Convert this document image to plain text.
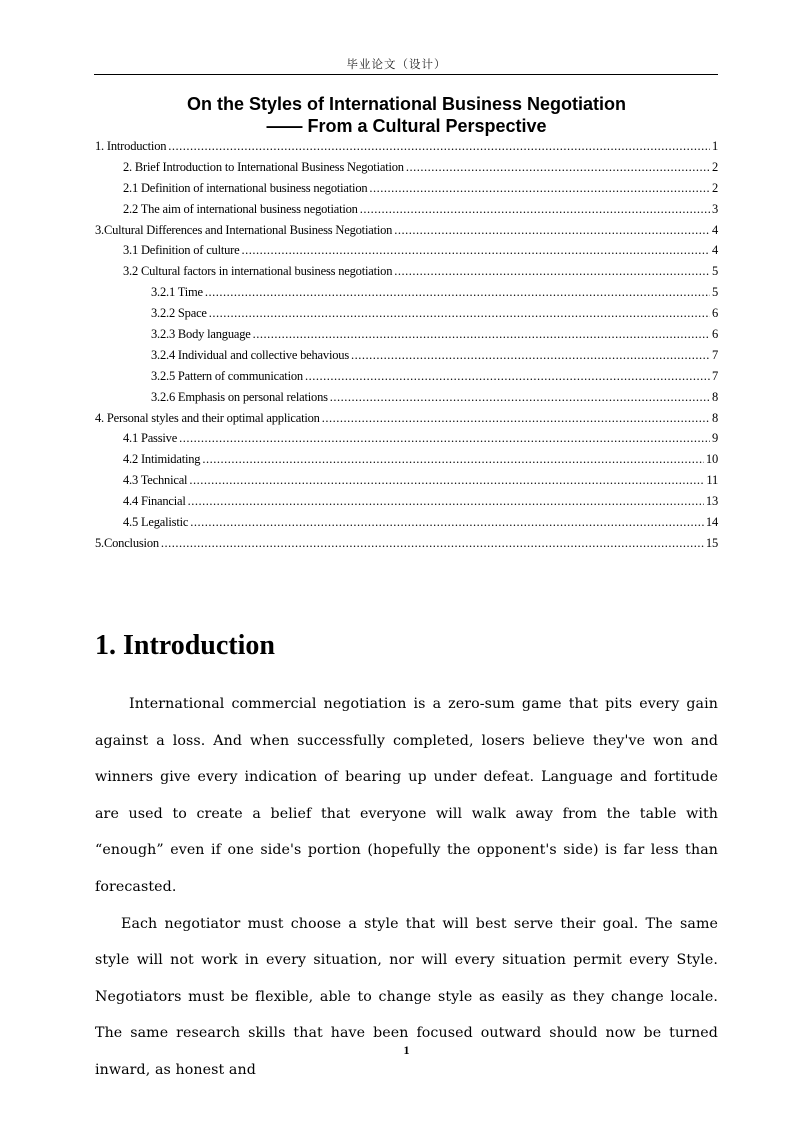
毕业论文（设计）
On the Styles of International Business Negotiation
—— From a Cultural Perspective
1. Introduction .....	1
2. Brief Introduction to International Business Negotiation .....	2
2.1 Definition of international business negotiation .....	2
2.2 The aim of international business negotiation .....	3
3.Cultural Differences and International Business Negotiation .....	4
3.1 Definition of culture .....	4
3.2 Cultural factors in international business negotiation .....	5
3.2.1 Time .....	5
3.2.2 Space .....	6
3.2.3 Body language .....	6
3.2.4 Individual and collective behavious .....	7
3.2.5 Pattern of communication .....	7
3.2.6 Emphasis on personal relations .....	8
4. Personal styles and their optimal application .....	8
4.1 Passive .....	9
4.2 Intimidating .....	10
4.3 Technical .....	11
4.4 Financial .....	13
4.5 Legalistic .....	14
5.Conclusion .....	15
1. Introduction

International commercial negotiation is a zero-sum game that pits every gain against a loss. And when successfully completed, losers believe they've won and winners give every indication of bearing up under defeat. Language and fortitude are used to create a belief that everyone will walk away from the table with “enough” even if one side's portion (hopefully the opponent's side) is far less than forecasted.

Each negotiator must choose a style that will best serve their goal. The same style will not work in every situation, nor will every situation permit every Style. Negotiators must be flexible, able to change style as easily as they change locale. The same research skills that have been focused outward should now be turned inward, as honest and

1
